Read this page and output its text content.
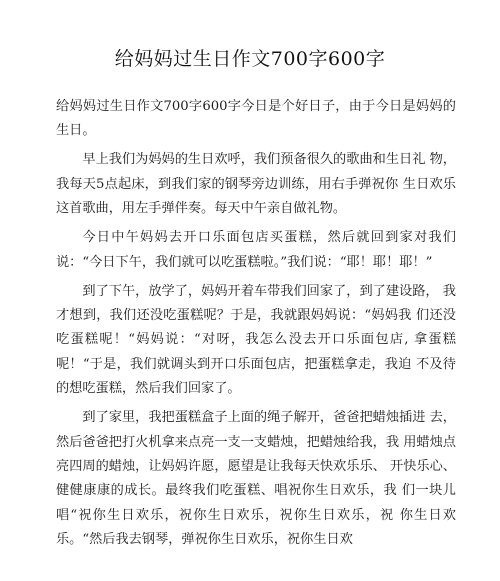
给妈妈过生日作文700字600字

给妈妈过生日作文700字600字今日是个好日子，由于今日是妈妈的生日。

早上我们为妈妈的生日欢呼，我们预备很久的歌曲和生日礼 物，我每天5点起床，到我们家的钢琴旁边训练，用右手弹祝你 生日欢乐这首歌曲，用左手弹伴奏。每天中午亲自做礼物。

今日中午妈妈去开口乐面包店买蛋糕，然后就回到家对我们 说：“今日下午，我们就可以吃蛋糕啦。”我们说：“耶！耶！耶！”

到了下午，放学了，妈妈开着车带我们回家了，到了建设路， 我才想到，我们还没吃蛋糕呢？于是，我就跟妈妈说：“妈妈我 们还没吃蛋糕呢！“妈妈说：“对呀，我怎么没去开口乐面包店, 拿蛋糕呢！“于是，我们就调头到开口乐面包店，把蛋糕拿走，我迫 不及待的想吃蛋糕，然后我们回家了。

到了家里，我把蛋糕盒子上面的绳子解开，爸爸把蜡烛插进 去，然后爸爸把打火机拿来点亮一支一支蜡烛，把蜡烛给我，我 用蜡烛点亮四周的蜡烛，让妈妈许愿，愿望是让我每天快欢乐乐、 开快乐心、健健康康的成长。最终我们吃蛋糕、唱祝你生日欢乐，我 们一块儿唱“祝你生日欢乐，祝你生日欢乐，祝你生日欢乐，祝 你生日欢乐。“然后我去钢琴，弹祝你生日欢乐，祝你生日欢
